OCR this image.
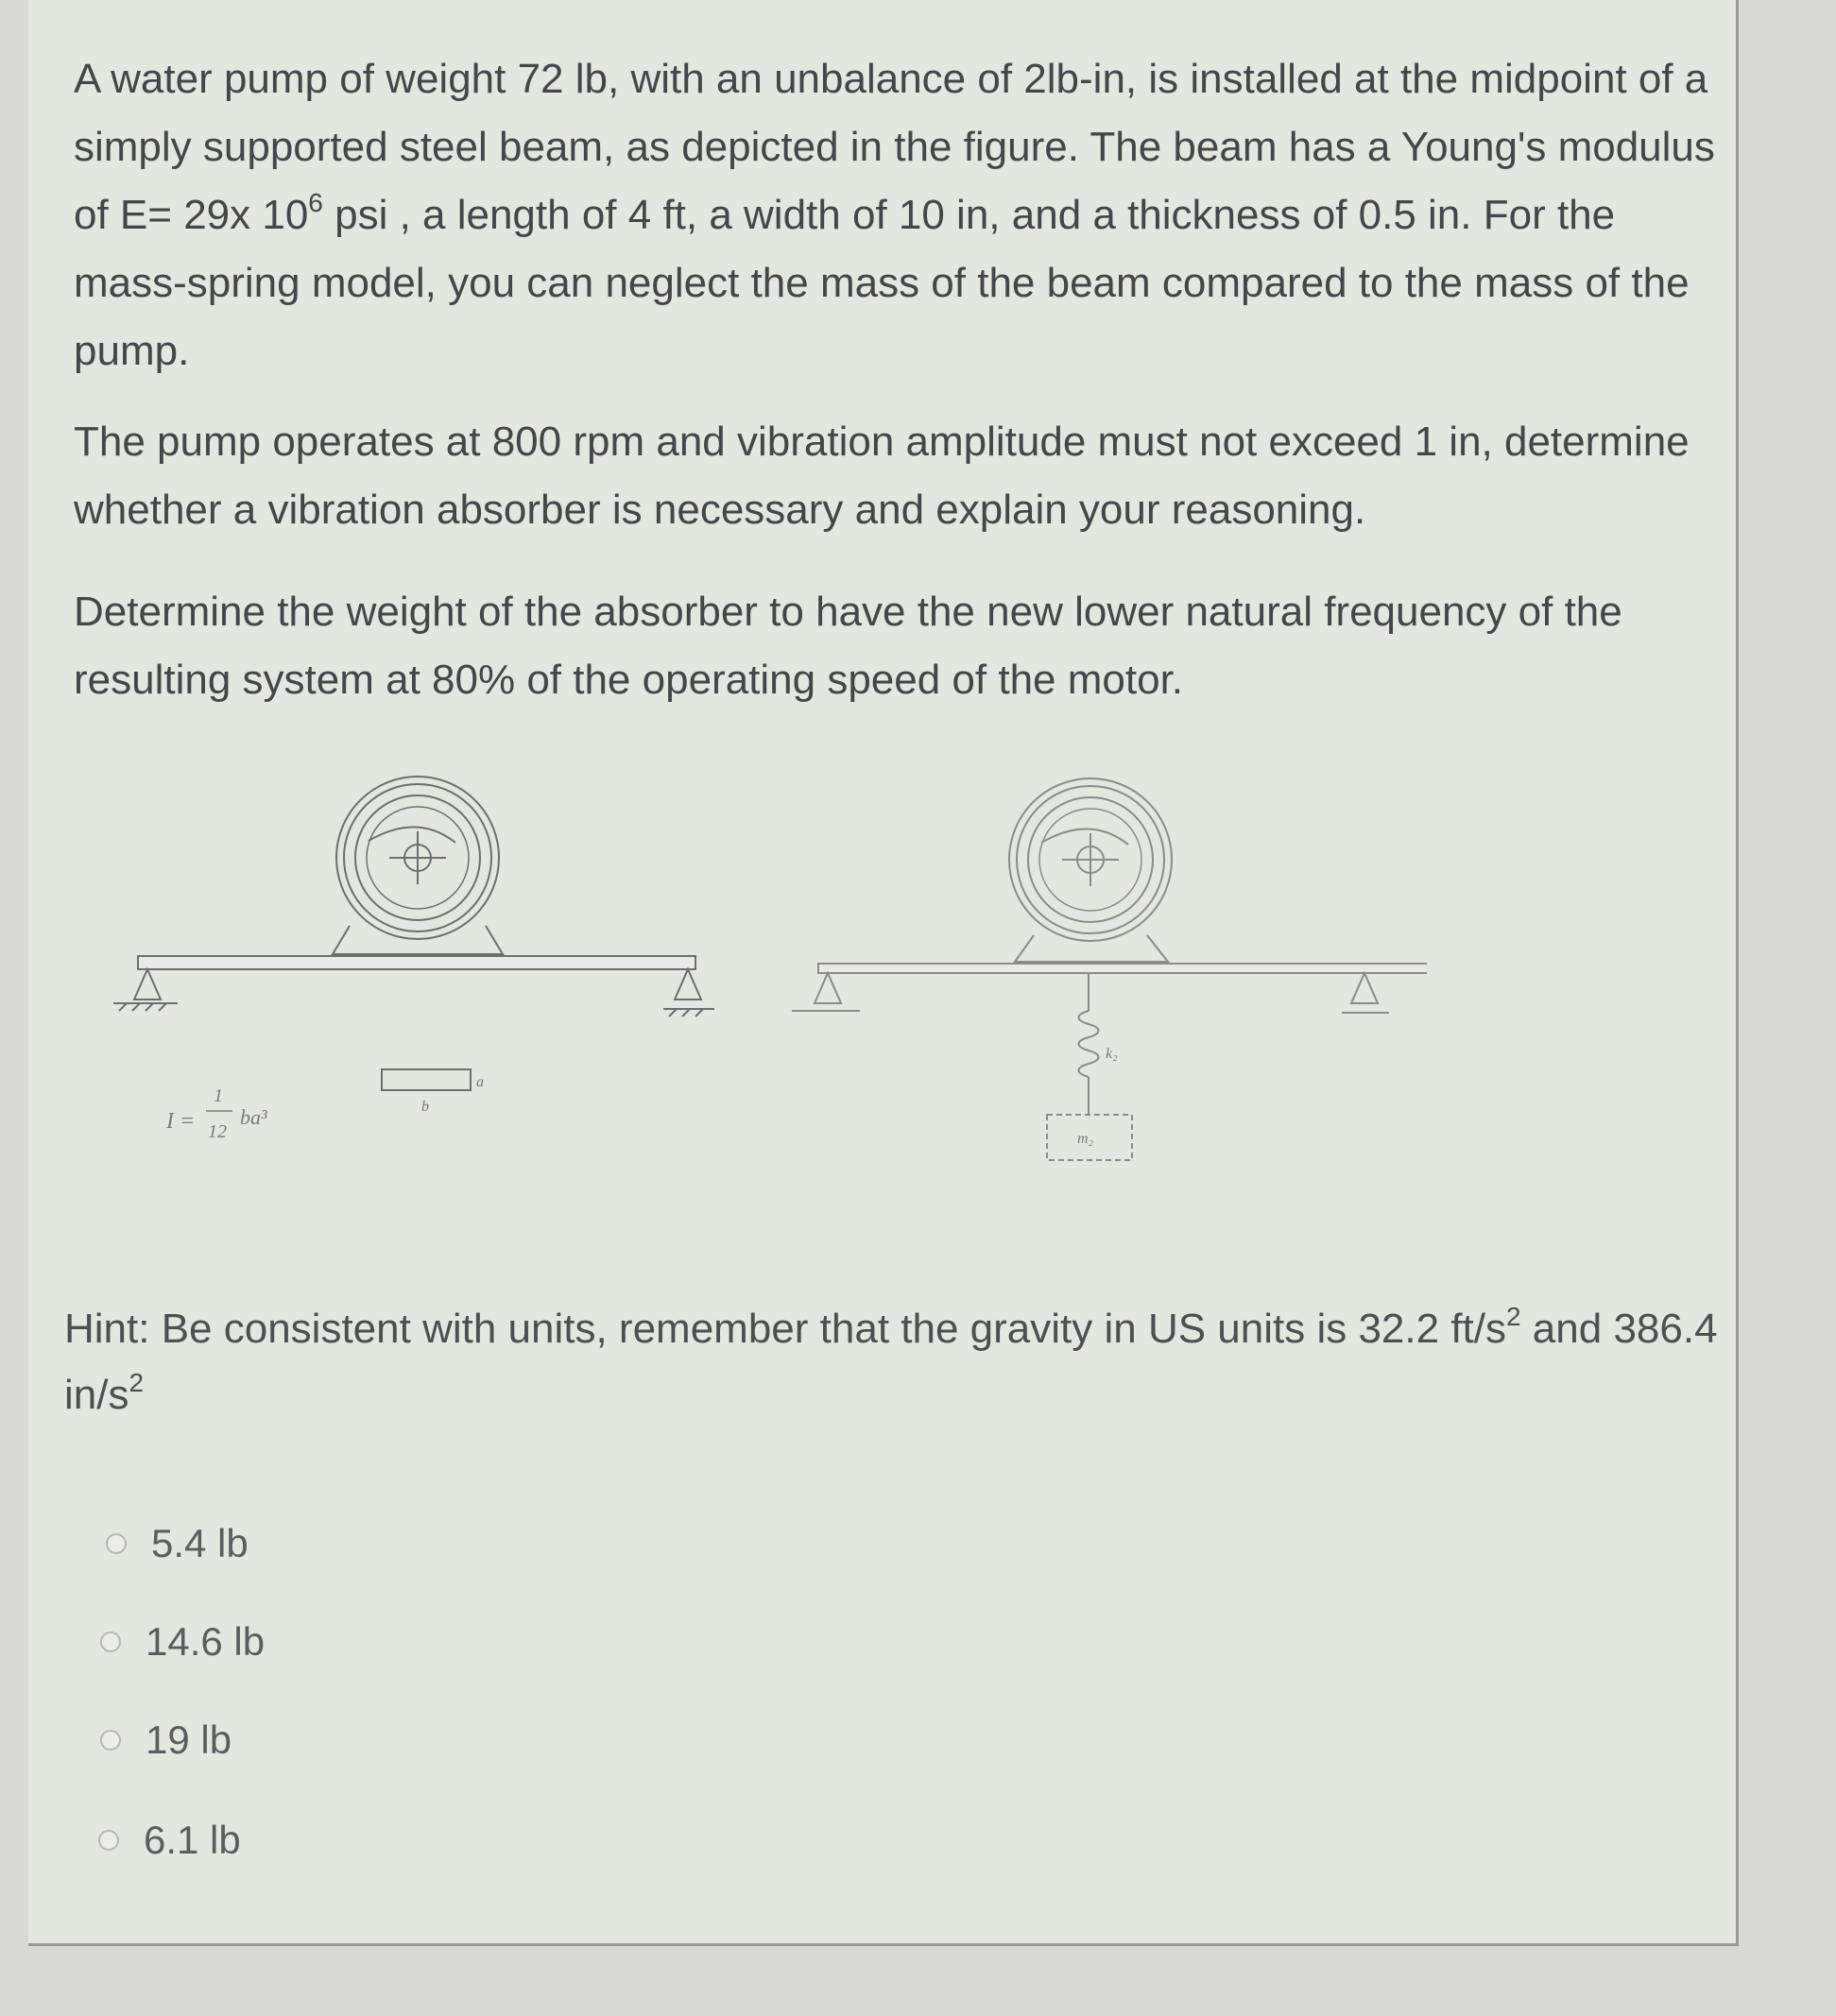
A water pump of weight 72 lb, with an unbalance of 2lb-in, is installed at the midpoint of a simply supported steel beam, as depicted in the figure. The beam has a Young's modulus of E= 29x $10^6$ psi , a length of 4 ft, a width of 10 in, and a thickness of 0.5 in. For the mass-spring model, you can neglect the mass of the beam compared to the mass of the pump.

The pump operates at 800 rpm and vibration amplitude must not exceed 1 in, determine whether a vibration absorber is necessary and explain your reasoning.

Determine the weight of the absorber to have the new lower natural frequency of the resulting system at 80% of the operating speed of the motor.

I =
1
12
ba³	b
a
k₂
m₂
Hint: Be consistent with units, remember that the gravity in US units is 32.2 $ft/s^2$ and 386.4 $in/s^2$
5.4 lb
14.6 lb
19 lb
6.1 lb
